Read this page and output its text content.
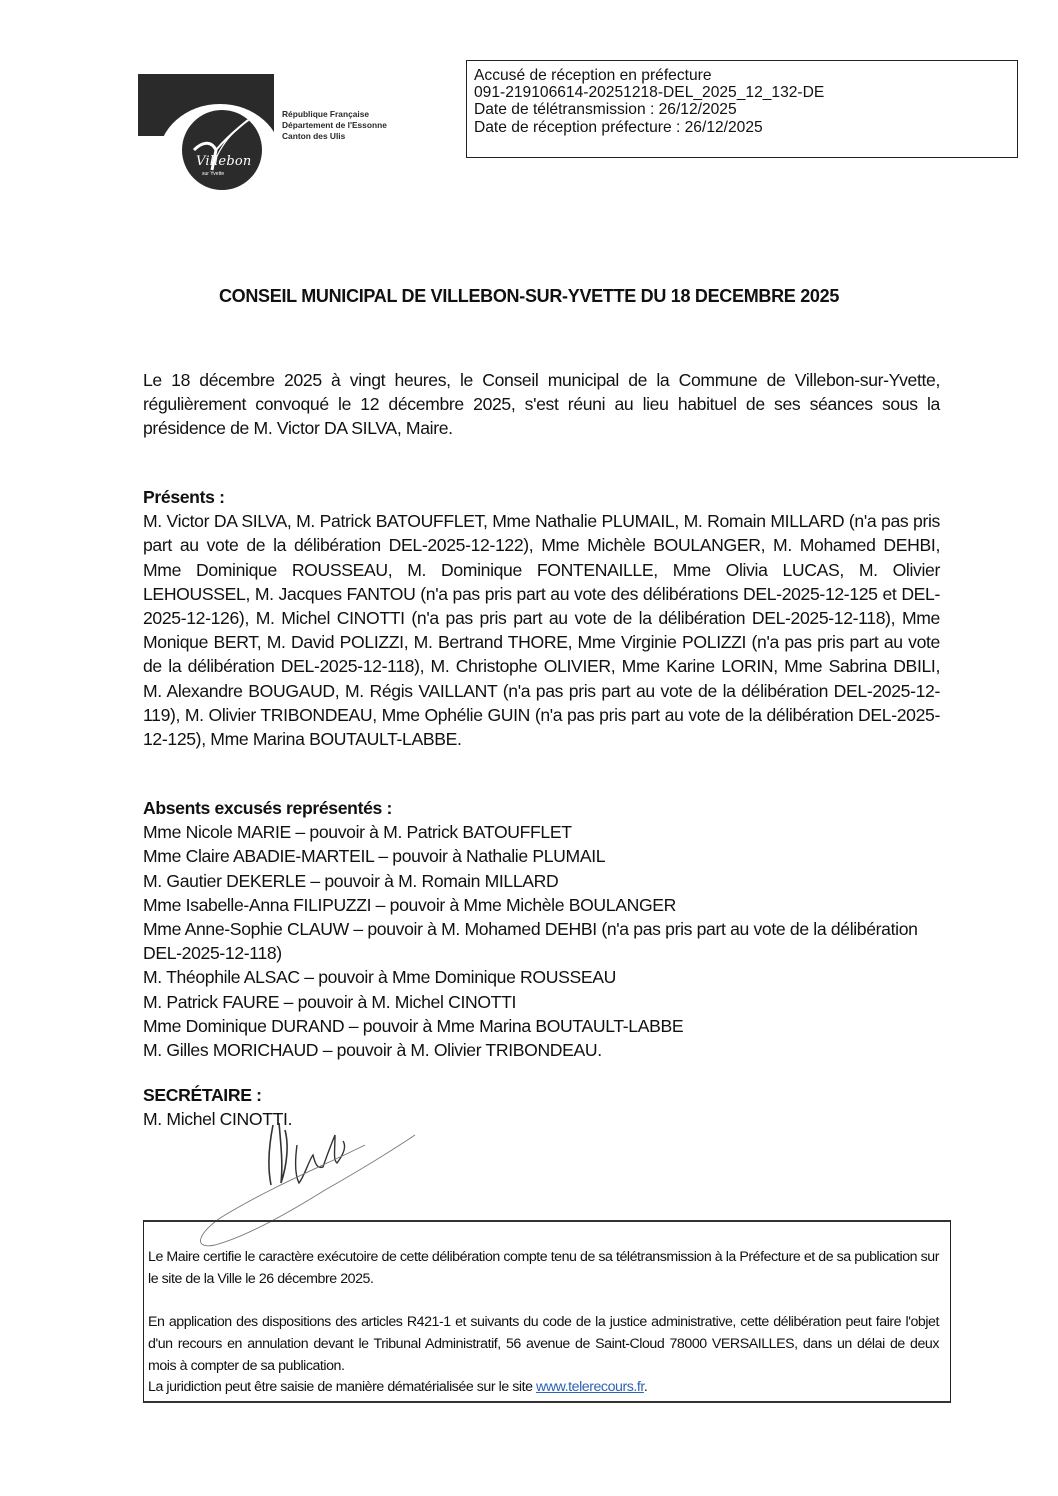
Villebon
sur Yvette
République Française
Département de l'Essonne
Canton des Ulis
Accusé de réception en préfecture
091-219106614-20251218-DEL_2025_12_132-DE
Date de télétransmission : 26/12/2025
Date de réception préfecture : 26/12/2025
CONSEIL MUNICIPAL DE VILLEBON-SUR-YVETTE DU 18 DECEMBRE 2025

Le 18 décembre 2025 à vingt heures, le Conseil municipal de la Commune de Villebon-sur-Yvette, régulièrement convoqué le 12 décembre 2025, s'est réuni au lieu habituel de ses séances sous la présidence de M. Victor DA SILVA, Maire.

Présents :

M. Victor DA SILVA, M. Patrick BATOUFFLET, Mme Nathalie PLUMAIL, M. Romain MILLARD (n'a pas pris part au vote de la délibération DEL-2025-12-122), Mme Michèle BOULANGER, M. Mohamed DEHBI, Mme Dominique ROUSSEAU, M. Dominique FONTENAILLE, Mme Olivia LUCAS, M. Olivier LEHOUSSEL, M. Jacques FANTOU (n'a pas pris part au vote des délibérations DEL-2025-12-125 et DEL-2025-12-126), M. Michel CINOTTI (n'a pas pris part au vote de la délibération DEL-2025-12-118), Mme Monique BERT, M. David POLIZZI, M. Bertrand THORE, Mme Virginie POLIZZI (n'a pas pris part au vote de la délibération DEL-2025-12-118), M. Christophe OLIVIER, Mme Karine LORIN, Mme Sabrina DBILI, M. Alexandre BOUGAUD, M. Régis VAILLANT (n'a pas pris part au vote de la délibération DEL-2025-12-119), M. Olivier TRIBONDEAU, Mme Ophélie GUIN (n'a pas pris part au vote de la délibération DEL-2025-12-125), Mme Marina BOUTAULT-LABBE.

Absents excusés représentés :

Mme Nicole MARIE – pouvoir à M. Patrick BATOUFFLET
Mme Claire ABADIE-MARTEIL – pouvoir à Nathalie PLUMAIL
M. Gautier DEKERLE – pouvoir à M. Romain MILLARD
Mme Isabelle-Anna FILIPUZZI – pouvoir à Mme Michèle BOULANGER
Mme Anne-Sophie CLAUW – pouvoir à M. Mohamed DEHBI (n'a pas pris part au vote de la délibération DEL-2025-12-118)
M. Théophile ALSAC – pouvoir à Mme Dominique ROUSSEAU
M. Patrick FAURE – pouvoir à M. Michel CINOTTI
Mme Dominique DURAND – pouvoir à Mme Marina BOUTAULT-LABBE
M. Gilles MORICHAUD – pouvoir à M. Olivier TRIBONDEAU.

SECRÉTAIRE :

M. Michel CINOTTI.

Le Maire certifie le caractère exécutoire de cette délibération compte tenu de sa télétransmission à la Préfecture et de sa publication sur le site de la Ville le 26 décembre 2025.

En application des dispositions des articles R421-1 et suivants du code de la justice administrative, cette délibération peut faire l'objet d'un recours en annulation devant le Tribunal Administratif, 56 avenue de Saint-Cloud 78000 VERSAILLES, dans un délai de deux mois à compter de sa publication.

La juridiction peut être saisie de manière dématérialisée sur le site www.telerecours.fr.
